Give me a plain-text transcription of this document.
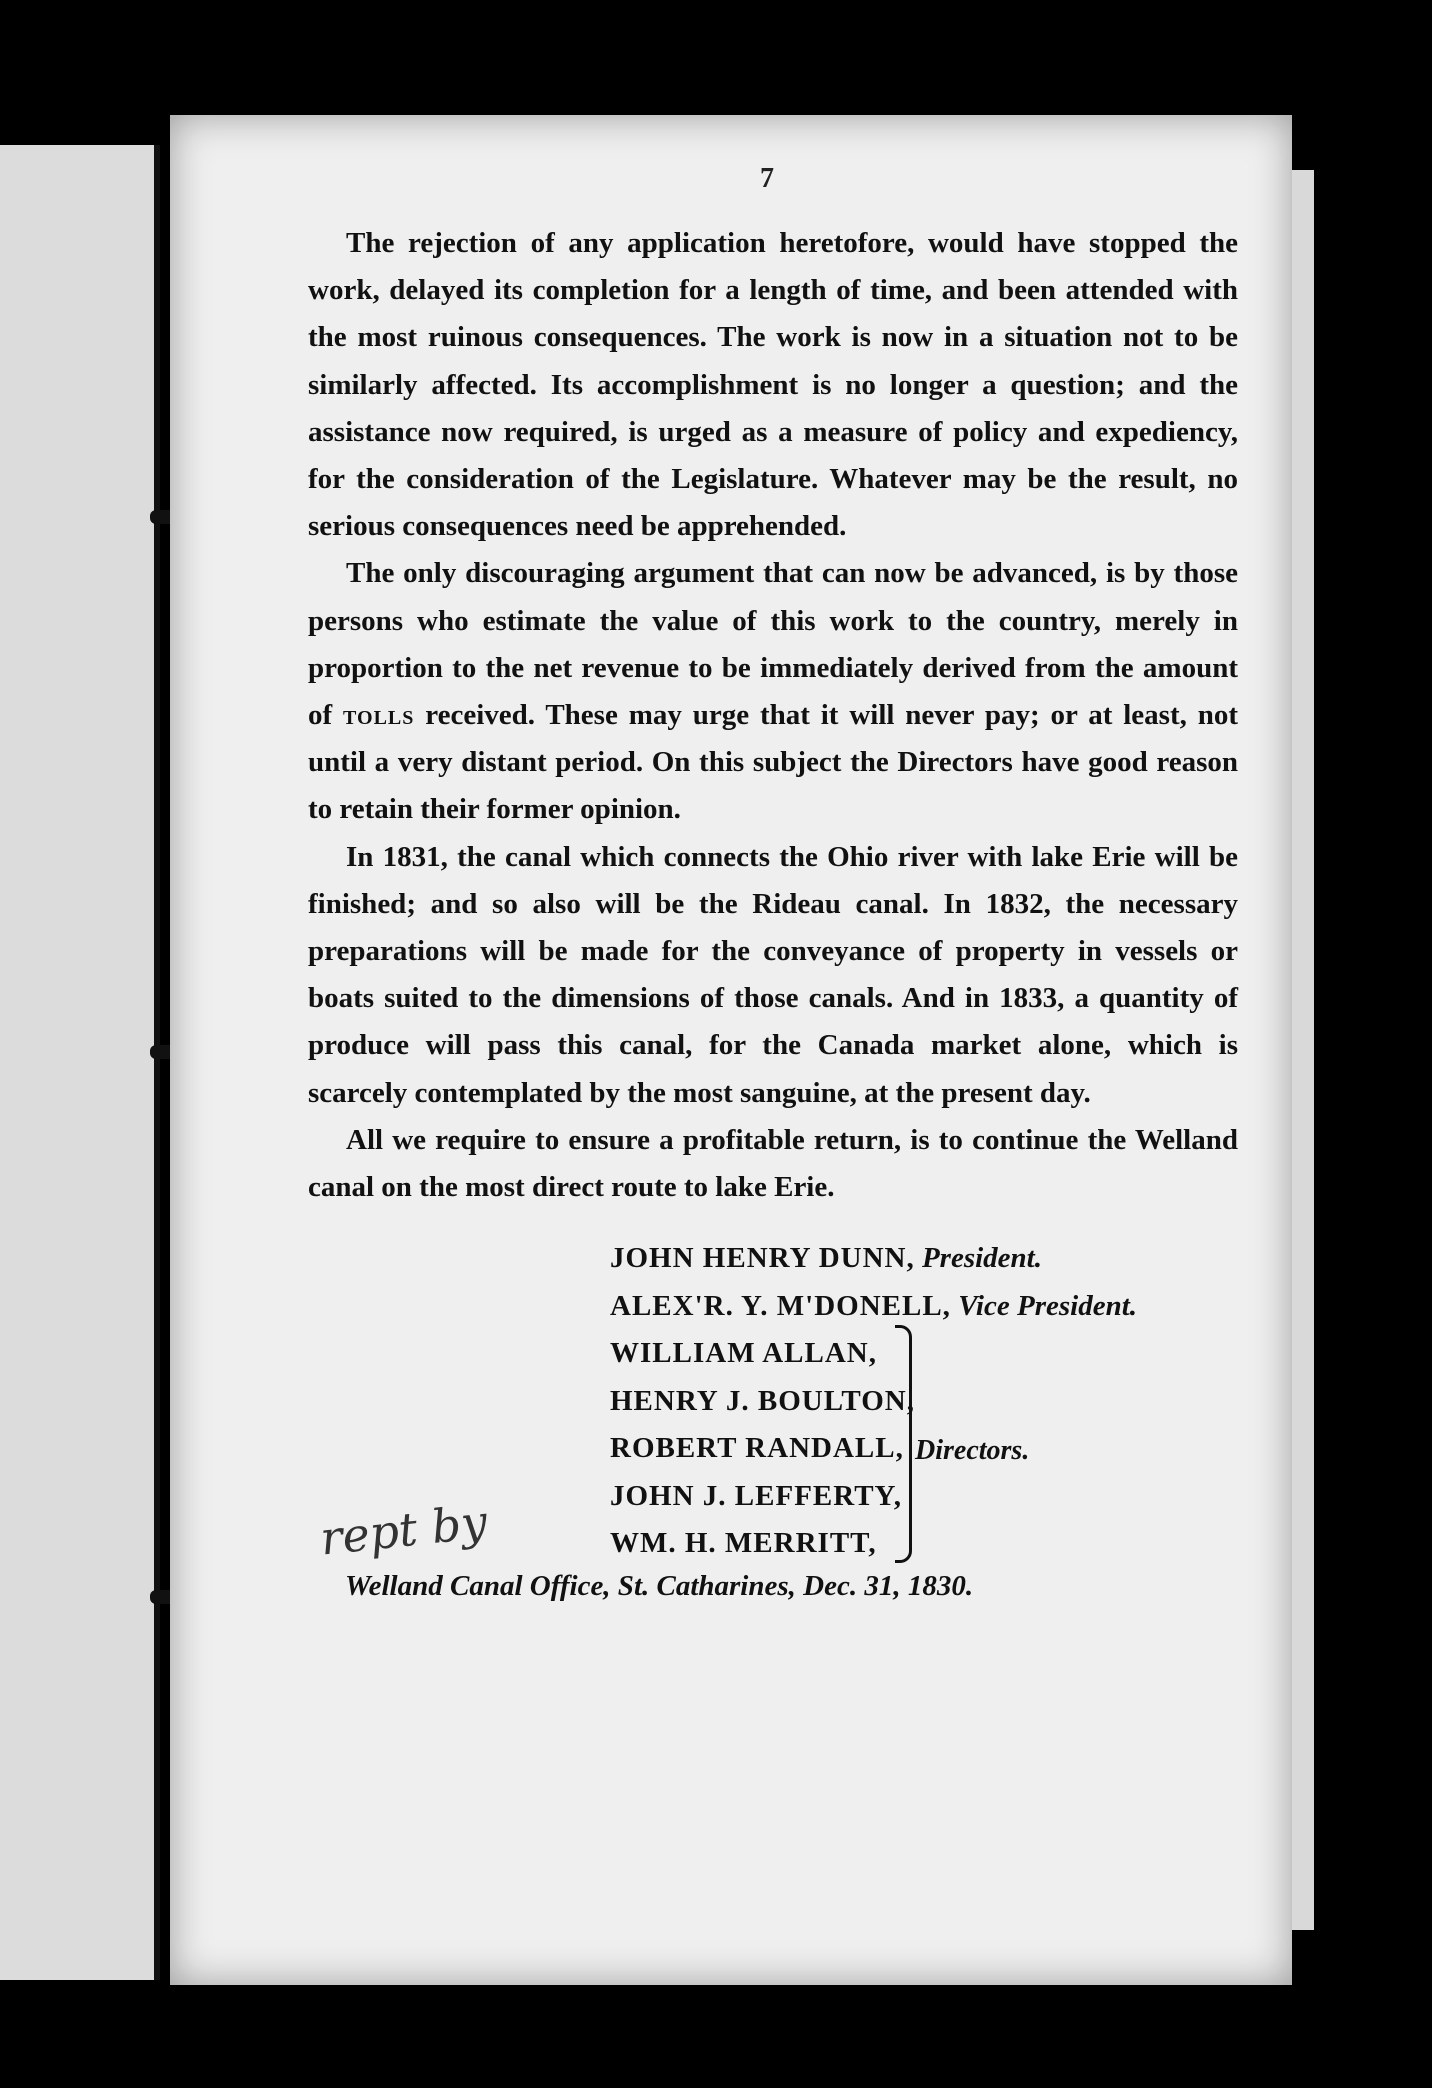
7

The rejection of any application heretofore, would have stopped the work, delayed its completion for a length of time, and been attended with the most ruinous consequences. The work is now in a situation not to be similarly affected. Its accomplishment is no longer a question; and the assistance now required, is urged as a measure of policy and expediency, for the consideration of the Legislature. Whatever may be the result, no serious consequences need be apprehended.

The only discouraging argument that can now be advanced, is by those persons who estimate the value of this work to the country, merely in proportion to the net revenue to be immediately derived from the amount of tolls received. These may urge that it will never pay; or at least, not until a very distant period. On this subject the Directors have good reason to retain their former opinion.

In 1831, the canal which connects the Ohio river with lake Erie will be finished; and so also will be the Rideau canal. In 1832, the necessary preparations will be made for the conveyance of property in vessels or boats suited to the dimensions of those canals. And in 1833, a quantity of produce will pass this canal, for the Canada market alone, which is scarcely contemplated by the most sanguine, at the present day.

All we require to ensure a profitable return, is to continue the Welland canal on the most direct route to lake Erie.

JOHN HENRY DUNN, President.
ALEX'R. Y. M'DONELL, Vice President.
WILLIAM ALLAN,
HENRY J. BOULTON,
ROBERT RANDALL,
JOHN J. LEFFERTY,
WM. H. MERRITT,
Directors.
rept by
Welland Canal Office, St. Catharines, Dec. 31, 1830.
